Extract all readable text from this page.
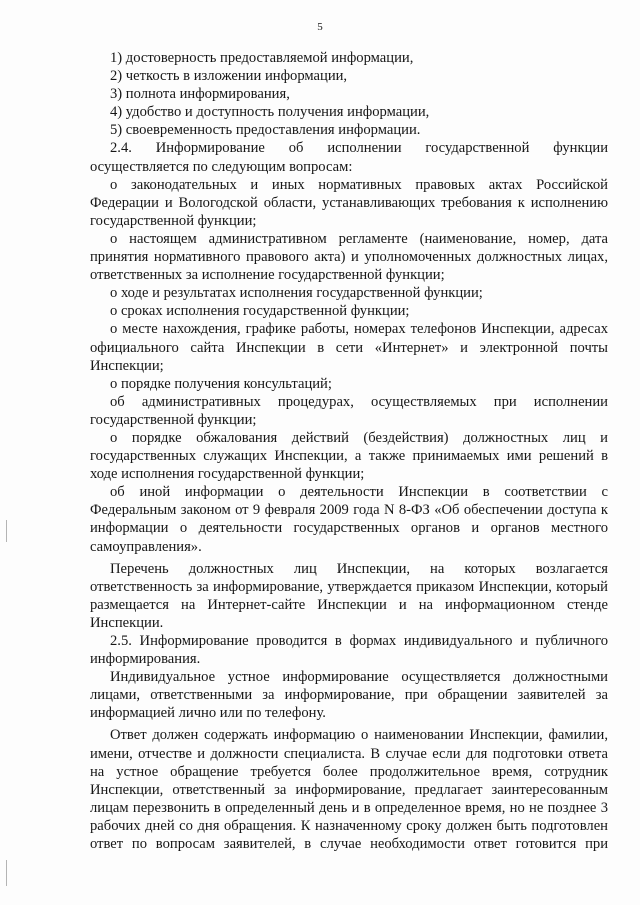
5

1) достоверность предоставляемой информации,

2) четкость в изложении информации,

3) полнота информирования,

4) удобство и доступность получения информации,

5) своевременность предоставления информации.

2.4. Информирование об исполнении государственной функции осуществляется по следующим вопросам:

о законодательных и иных нормативных правовых актах Российской Федерации и Вологодской области, устанавливающих требования к исполнению государственной функции;

о настоящем административном регламенте (наименование, номер, дата принятия нормативного правового акта) и уполномоченных должностных лицах, ответственных за исполнение государственной функции;

о ходе и результатах исполнения государственной функции;

о сроках исполнения государственной функции;

о месте нахождения, графике работы, номерах телефонов Инспекции, адресах официального сайта Инспекции в сети «Интернет» и электронной почты Инспекции;

о порядке получения консультаций;

об административных процедурах, осуществляемых при исполнении государственной функции;

о порядке обжалования действий (бездействия) должностных лиц и государственных служащих Инспекции, а также принимаемых ими решений в ходе исполнения государственной функции;

об иной информации о деятельности Инспекции в соответствии с Федеральным законом от 9 февраля 2009 года N 8-ФЗ «Об обеспечении доступа к информации о деятельности государственных органов и органов местного самоуправления».

Перечень должностных лиц Инспекции, на которых возлагается ответственность за информирование, утверждается приказом Инспекции, который размещается на Интернет-сайте Инспекции и на информационном стенде Инспекции.

2.5. Информирование проводится в формах индивидуального и публичного информирования.

Индивидуальное устное информирование осуществляется должностными лицами, ответственными за информирование, при обращении заявителей за информацией лично или по телефону.

Ответ должен содержать информацию о наименовании Инспекции, фамилии, имени, отчестве и должности специалиста. В случае если для подготовки ответа на устное обращение требуется более продолжительное время, сотрудник Инспекции, ответственный за информирование, предлагает заинтересованным лицам перезвонить в определенный день и в определенное время, но не позднее 3 рабочих дней со дня обращения. К назначенному сроку должен быть подготовлен ответ по вопросам заявителей, в случае необходимости ответ готовится при
